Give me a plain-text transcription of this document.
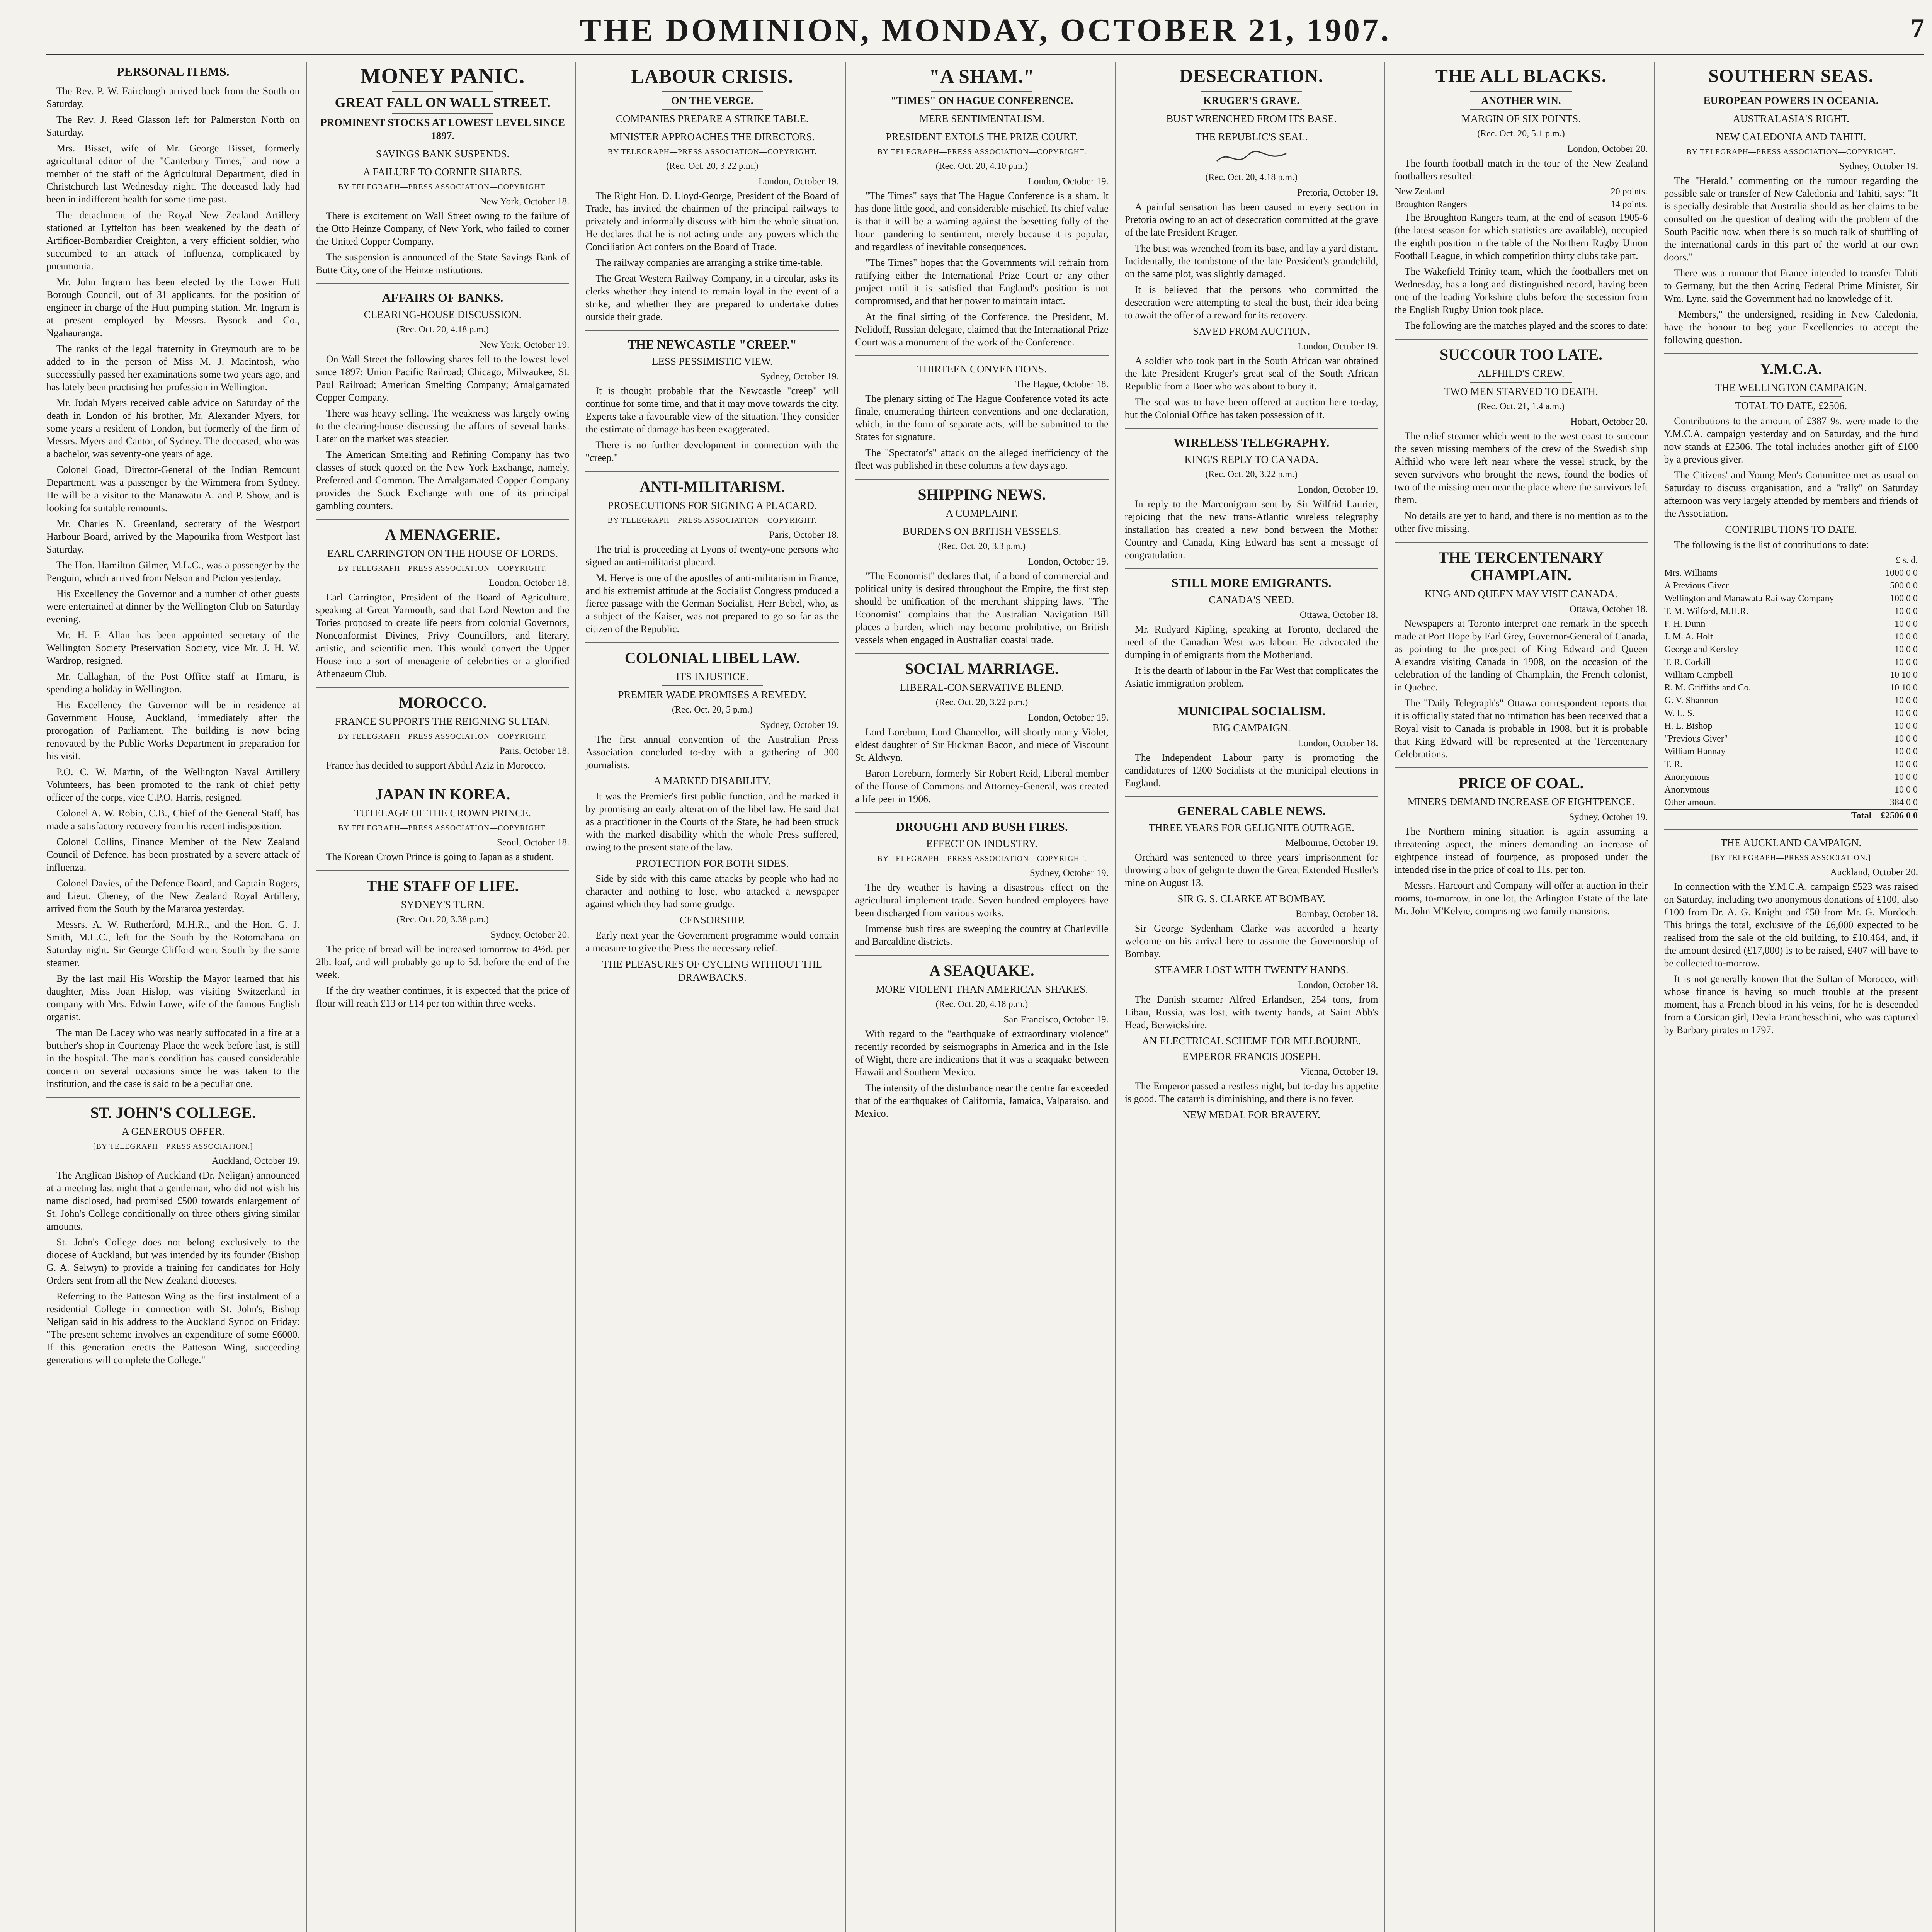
THE DOMINION, MONDAY, OCTOBER 21, 1907.	7
PERSONAL ITEMS.

The Rev. P. W. Fairclough arrived back from the South on Saturday.

The Rev. J. Reed Glasson left for Palmerston North on Saturday.

Mrs. Bisset, wife of Mr. George Bisset, formerly agricultural editor of the "Canterbury Times," and now a member of the staff of the Agricultural Department, died in Christchurch last Wednesday night. The deceased lady had been in indifferent health for some time past.

The detachment of the Royal New Zealand Artillery stationed at Lyttelton has been weakened by the death of Artificer-Bombardier Creighton, a very efficient soldier, who succumbed to an attack of influenza, complicated by pneumonia.

Mr. John Ingram has been elected by the Lower Hutt Borough Council, out of 31 applicants, for the position of engineer in charge of the Hutt pumping station. Mr. Ingram is at present employed by Messrs. Bysock and Co., Ngahauranga.

The ranks of the legal fraternity in Greymouth are to be added to in the person of Miss M. J. Macintosh, who successfully passed her examinations some two years ago, and has lately been practising her profession in Wellington.

Mr. Judah Myers received cable advice on Saturday of the death in London of his brother, Mr. Alexander Myers, for some years a resident of London, but formerly of the firm of Messrs. Myers and Cantor, of Sydney. The deceased, who was a bachelor, was seventy-one years of age.

Colonel Goad, Director-General of the Indian Remount Department, was a passenger by the Wimmera from Sydney. He will be a visitor to the Manawatu A. and P. Show, and is looking for suitable remounts.

Mr. Charles N. Greenland, secretary of the Westport Harbour Board, arrived by the Mapourika from Westport last Saturday.

The Hon. Hamilton Gilmer, M.L.C., was a passenger by the Penguin, which arrived from Nelson and Picton yesterday.

His Excellency the Governor and a number of other guests were entertained at dinner by the Wellington Club on Saturday evening.

Mr. H. F. Allan has been appointed secretary of the Wellington Society Preservation Society, vice Mr. J. H. W. Wardrop, resigned.

Mr. Callaghan, of the Post Office staff at Timaru, is spending a holiday in Wellington.

His Excellency the Governor will be in residence at Government House, Auckland, immediately after the prorogation of Parliament. The building is now being renovated by the Public Works Department in preparation for his visit.

P.O. C. W. Martin, of the Wellington Naval Artillery Volunteers, has been promoted to the rank of chief petty officer of the corps, vice C.P.O. Harris, resigned.

Colonel A. W. Robin, C.B., Chief of the General Staff, has made a satisfactory recovery from his recent indisposition.

Colonel Collins, Finance Member of the New Zealand Council of Defence, has been prostrated by a severe attack of influenza.

Colonel Davies, of the Defence Board, and Captain Rogers, and Lieut. Cheney, of the New Zealand Royal Artillery, arrived from the South by the Mararoa yesterday.

Messrs. A. W. Rutherford, M.H.R., and the Hon. G. J. Smith, M.L.C., left for the South by the Rotomahana on Saturday night. Sir George Clifford went South by the same steamer.

By the last mail His Worship the Mayor learned that his daughter, Miss Joan Hislop, was visiting Switzerland in company with Mrs. Edwin Lowe, wife of the famous English organist.

The man De Lacey who was nearly suffocated in a fire at a butcher's shop in Courtenay Place the week before last, is still in the hospital. The man's condition has caused considerable concern on several occasions since he was taken to the institution, and the case is said to be a peculiar one.

ST. JOHN'S COLLEGE.
A GENEROUS OFFER.
[BY TELEGRAPH—PRESS ASSOCIATION.]
Auckland, October 19.

The Anglican Bishop of Auckland (Dr. Neligan) announced at a meeting last night that a gentleman, who did not wish his name disclosed, had promised £500 towards enlargement of St. John's College conditionally on three others giving similar amounts.

St. John's College does not belong exclusively to the diocese of Auckland, but was intended by its founder (Bishop G. A. Selwyn) to provide a training for candidates for Holy Orders sent from all the New Zealand dioceses.

Referring to the Patteson Wing as the first instalment of a residential College in connection with St. John's, Bishop Neligan said in his address to the Auckland Synod on Friday: "The present scheme involves an expenditure of some £6000. If this generation erects the Patteson Wing, succeeding generations will complete the College."

MONEY PANIC.
GREAT FALL ON WALL STREET.
PROMINENT STOCKS AT LOWEST LEVEL SINCE 1897.
SAVINGS BANK SUSPENDS.
A FAILURE TO CORNER SHARES.
BY TELEGRAPH—PRESS ASSOCIATION—COPYRIGHT.
New York, October 18.

There is excitement on Wall Street owing to the failure of the Otto Heinze Company, of New York, who failed to corner the United Copper Company.

The suspension is announced of the State Savings Bank of Butte City, one of the Heinze institutions.

AFFAIRS OF BANKS.
CLEARING-HOUSE DISCUSSION.
(Rec. Oct. 20, 4.18 p.m.)
New York, October 19.

On Wall Street the following shares fell to the lowest level since 1897: Union Pacific Railroad; Chicago, Milwaukee, St. Paul Railroad; American Smelting Company; Amalgamated Copper Company.

There was heavy selling. The weakness was largely owing to the clearing-house discussing the affairs of several banks. Later on the market was steadier.

The American Smelting and Refining Company has two classes of stock quoted on the New York Exchange, namely, Preferred and Common. The Amalgamated Copper Company provides the Stock Exchange with one of its principal gambling counters.

A MENAGERIE.
EARL CARRINGTON ON THE HOUSE OF LORDS.
BY TELEGRAPH—PRESS ASSOCIATION—COPYRIGHT.
London, October 18.

Earl Carrington, President of the Board of Agriculture, speaking at Great Yarmouth, said that Lord Newton and the Tories proposed to create life peers from colonial Governors, Nonconformist Divines, Privy Councillors, and literary, artistic, and scientific men. This would convert the Upper House into a sort of menagerie of celebrities or a glorified Athenaeum Club.

MOROCCO.
FRANCE SUPPORTS THE REIGNING SULTAN.
BY TELEGRAPH—PRESS ASSOCIATION—COPYRIGHT.
Paris, October 18.

France has decided to support Abdul Aziz in Morocco.

JAPAN IN KOREA.
TUTELAGE OF THE CROWN PRINCE.
BY TELEGRAPH—PRESS ASSOCIATION—COPYRIGHT.
Seoul, October 18.

The Korean Crown Prince is going to Japan as a student.

THE STAFF OF LIFE.
SYDNEY'S TURN.
(Rec. Oct. 20, 3.38 p.m.)
Sydney, October 20.

The price of bread will be increased tomorrow to 4½d. per 2lb. loaf, and will probably go up to 5d. before the end of the week.

If the dry weather continues, it is expected that the price of flour will reach £13 or £14 per ton within three weeks.

LABOUR CRISIS.
ON THE VERGE.
COMPANIES PREPARE A STRIKE TABLE.
MINISTER APPROACHES THE DIRECTORS.
BY TELEGRAPH—PRESS ASSOCIATION—COPYRIGHT.
(Rec. Oct. 20, 3.22 p.m.)
London, October 19.

The Right Hon. D. Lloyd-George, President of the Board of Trade, has invited the chairmen of the principal railways to privately and informally discuss with him the whole situation. He declares that he is not acting under any powers which the Conciliation Act confers on the Board of Trade.

The railway companies are arranging a strike time-table.

The Great Western Railway Company, in a circular, asks its clerks whether they intend to remain loyal in the event of a strike, and whether they are prepared to undertake duties outside their grade.

THE NEWCASTLE "CREEP."
LESS PESSIMISTIC VIEW.
Sydney, October 19.

It is thought probable that the Newcastle "creep" will continue for some time, and that it may move towards the city. Experts take a favourable view of the situation. They consider the estimate of damage has been exaggerated.

There is no further development in connection with the "creep."

ANTI-MILITARISM.
PROSECUTIONS FOR SIGNING A PLACARD.
BY TELEGRAPH—PRESS ASSOCIATION—COPYRIGHT.
Paris, October 18.

The trial is proceeding at Lyons of twenty-one persons who signed an anti-militarist placard.

M. Herve is one of the apostles of anti-militarism in France, and his extremist attitude at the Socialist Congress produced a fierce passage with the German Socialist, Herr Bebel, who, as a subject of the Kaiser, was not prepared to go so far as the citizen of the Republic.

COLONIAL LIBEL LAW.
ITS INJUSTICE.
PREMIER WADE PROMISES A REMEDY.
(Rec. Oct. 20, 5 p.m.)
Sydney, October 19.

The first annual convention of the Australian Press Association concluded to-day with a gathering of 300 journalists.

A MARKED DISABILITY.

It was the Premier's first public function, and he marked it by promising an early alteration of the libel law. He said that as a practitioner in the Courts of the State, he had been struck with the marked disability which the whole Press suffered, owing to the present state of the law.

PROTECTION FOR BOTH SIDES.

Side by side with this came attacks by people who had no character and nothing to lose, who attacked a newspaper against which they had some grudge.

CENSORSHIP.

Early next year the Government programme would contain a measure to give the Press the necessary relief.

THE PLEASURES OF CYCLING WITHOUT THE DRAWBACKS.
"A SHAM."
"TIMES" ON HAGUE CONFERENCE.
MERE SENTIMENTALISM.
PRESIDENT EXTOLS THE PRIZE COURT.
BY TELEGRAPH—PRESS ASSOCIATION—COPYRIGHT.
(Rec. Oct. 20, 4.10 p.m.)
London, October 19.

"The Times" says that The Hague Conference is a sham. It has done little good, and considerable mischief. Its chief value is that it will be a warning against the besetting folly of the hour—pandering to sentiment, merely because it is popular, and regardless of inevitable consequences.

"The Times" hopes that the Governments will refrain from ratifying either the International Prize Court or any other project until it is satisfied that England's position is not compromised, and that her power to maintain intact.

At the final sitting of the Conference, the President, M. Nelidoff, Russian delegate, claimed that the International Prize Court was a monument of the work of the Conference.

THIRTEEN CONVENTIONS.
The Hague, October 18.

The plenary sitting of The Hague Conference voted its acte finale, enumerating thirteen conventions and one declaration, which, in the form of separate acts, will be submitted to the States for signature.

The "Spectator's" attack on the alleged inefficiency of the fleet was published in these columns a few days ago.

SHIPPING NEWS.
A COMPLAINT.
BURDENS ON BRITISH VESSELS.
(Rec. Oct. 20, 3.3 p.m.)
London, October 19.

"The Economist" declares that, if a bond of commercial and political unity is desired throughout the Empire, the first step should be unification of the merchant shipping laws. "The Economist" complains that the Australian Navigation Bill places a burden, which may become prohibitive, on British vessels when engaged in Australian coastal trade.

SOCIAL MARRIAGE.
LIBERAL-CONSERVATIVE BLEND.
(Rec. Oct. 20, 3.22 p.m.)
London, October 19.

Lord Loreburn, Lord Chancellor, will shortly marry Violet, eldest daughter of Sir Hickman Bacon, and niece of Viscount St. Aldwyn.

Baron Loreburn, formerly Sir Robert Reid, Liberal member of the House of Commons and Attorney-General, was created a life peer in 1906.

DROUGHT AND BUSH FIRES.
EFFECT ON INDUSTRY.
BY TELEGRAPH—PRESS ASSOCIATION—COPYRIGHT.
Sydney, October 19.

The dry weather is having a disastrous effect on the agricultural implement trade. Seven hundred employees have been discharged from various works.

Immense bush fires are sweeping the country at Charleville and Barcaldine districts.

A SEAQUAKE.
MORE VIOLENT THAN AMERICAN SHAKES.
(Rec. Oct. 20, 4.18 p.m.)
San Francisco, October 19.

With regard to the "earthquake of extraordinary violence" recently recorded by seismographs in America and in the Isle of Wight, there are indications that it was a seaquake between Hawaii and Southern Mexico.

The intensity of the disturbance near the centre far exceeded that of the earthquakes of California, Jamaica, Valparaiso, and Mexico.

DESECRATION.
KRUGER'S GRAVE.
BUST WRENCHED FROM ITS BASE.
THE REPUBLIC'S SEAL.
(Rec. Oct. 20, 4.18 p.m.)
Pretoria, October 19.

A painful sensation has been caused in every section in Pretoria owing to an act of desecration committed at the grave of the late President Kruger.

The bust was wrenched from its base, and lay a yard distant. Incidentally, the tombstone of the late President's grandchild, on the same plot, was slightly damaged.

It is believed that the persons who committed the desecration were attempting to steal the bust, their idea being to await the offer of a reward for its recovery.

SAVED FROM AUCTION.
London, October 19.

A soldier who took part in the South African war obtained the late President Kruger's great seal of the South African Republic from a Boer who was about to bury it.

The seal was to have been offered at auction here to-day, but the Colonial Office has taken possession of it.

WIRELESS TELEGRAPHY.
KING'S REPLY TO CANADA.
(Rec. Oct. 20, 3.22 p.m.)
London, October 19.

In reply to the Marconigram sent by Sir Wilfrid Laurier, rejoicing that the new trans-Atlantic wireless telegraphy installation has created a new bond between the Mother Country and Canada, King Edward has sent a message of congratulation.

STILL MORE EMIGRANTS.
CANADA'S NEED.
Ottawa, October 18.

Mr. Rudyard Kipling, speaking at Toronto, declared the need of the Canadian West was labour. He advocated the dumping in of emigrants from the Motherland.

It is the dearth of labour in the Far West that complicates the Asiatic immigration problem.

MUNICIPAL SOCIALISM.
BIG CAMPAIGN.
London, October 18.

The Independent Labour party is promoting the candidatures of 1200 Socialists at the municipal elections in England.

GENERAL CABLE NEWS.
THREE YEARS FOR GELIGNITE OUTRAGE.
Melbourne, October 19.

Orchard was sentenced to three years' imprisonment for throwing a box of gelignite down the Great Extended Hustler's mine on August 13.

SIR G. S. CLARKE AT BOMBAY.
Bombay, October 18.

Sir George Sydenham Clarke was accorded a hearty welcome on his arrival here to assume the Governorship of Bombay.

STEAMER LOST WITH TWENTY HANDS.
London, October 18.

The Danish steamer Alfred Erlandsen, 254 tons, from Libau, Russia, was lost, with twenty hands, at Saint Abb's Head, Berwickshire.

AN ELECTRICAL SCHEME FOR MELBOURNE.
EMPEROR FRANCIS JOSEPH.
Vienna, October 19.

The Emperor passed a restless night, but to-day his appetite is good. The catarrh is diminishing, and there is no fever.

NEW MEDAL FOR BRAVERY.
THE ALL BLACKS.
ANOTHER WIN.
MARGIN OF SIX POINTS.
(Rec. Oct. 20, 5.1 p.m.)
London, October 20.

The fourth football match in the tour of the New Zealand footballers resulted:

New Zealand	20 points.
Broughton Rangers	14 points.

The Broughton Rangers team, at the end of season 1905-6 (the latest season for which statistics are available), occupied the eighth position in the table of the Northern Rugby Union Football League, in which competition thirty clubs take part.

The Wakefield Trinity team, which the footballers met on Wednesday, has a long and distinguished record, having been one of the leading Yorkshire clubs before the secession from the English Rugby Union took place.

The following are the matches played and the scores to date:

SUCCOUR TOO LATE.
ALFHILD'S CREW.
TWO MEN STARVED TO DEATH.
(Rec. Oct. 21, 1.4 a.m.)
Hobart, October 20.

The relief steamer which went to the west coast to succour the seven missing members of the crew of the Swedish ship Alfhild who were left near where the vessel struck, by the seven survivors who brought the news, found the bodies of two of the missing men near the place where the survivors left them.

No details are yet to hand, and there is no mention as to the other five missing.

THE TERCENTENARY CHAMPLAIN.
KING AND QUEEN MAY VISIT CANADA.
Ottawa, October 18.

Newspapers at Toronto interpret one remark in the speech made at Port Hope by Earl Grey, Governor-General of Canada, as pointing to the prospect of King Edward and Queen Alexandra visiting Canada in 1908, on the occasion of the celebration of the landing of Champlain, the French colonist, in Quebec.

The "Daily Telegraph's" Ottawa correspondent reports that it is officially stated that no intimation has been received that a Royal visit to Canada is probable in 1908, but it is probable that King Edward will be represented at the Tercentenary Celebrations.

PRICE OF COAL.
MINERS DEMAND INCREASE OF EIGHTPENCE.
Sydney, October 19.

The Northern mining situation is again assuming a threatening aspect, the miners demanding an increase of eightpence instead of fourpence, as proposed under the intended rise in the price of coal to 11s. per ton.

Messrs. Harcourt and Company will offer at auction in their rooms, to-morrow, in one lot, the Arlington Estate of the late Mr. John M'Kelvie, comprising two family mansions.

SOUTHERN SEAS.
EUROPEAN POWERS IN OCEANIA.
AUSTRALASIA'S RIGHT.
NEW CALEDONIA AND TAHITI.
BY TELEGRAPH—PRESS ASSOCIATION—COPYRIGHT.
Sydney, October 19.

The "Herald," commenting on the rumour regarding the possible sale or transfer of New Caledonia and Tahiti, says: "It is specially desirable that Australia should as her claims to be consulted on the question of dealing with the problem of the South Pacific now, when there is so much talk of shuffling of the international cards in this part of the world at our own doors."

There was a rumour that France intended to transfer Tahiti to Germany, but the then Acting Federal Prime Minister, Sir Wm. Lyne, said the Government had no knowledge of it.

"Members," the undersigned, residing in New Caledonia, have the honour to beg your Excellencies to accept the following question.

Y.M.C.A.
THE WELLINGTON CAMPAIGN.
TOTAL TO DATE, £2506.

Contributions to the amount of £387 9s. were made to the Y.M.C.A. campaign yesterday and on Saturday, and the fund now stands at £2506. The total includes another gift of £100 by a previous giver.

The Citizens' and Young Men's Committee met as usual on Saturday to discuss organisation, and a "rally" on Saturday afternoon was very largely attended by members and friends of the Association.

CONTRIBUTIONS TO DATE.

The following is the list of contributions to date:

	£ s. d.
Mrs. Williams	1000 0 0
A Previous Giver	500 0 0
Wellington and Manawatu Railway Company	100 0 0
T. M. Wilford, M.H.R.	10 0 0
F. H. Dunn	10 0 0
J. M. A. Holt	10 0 0
George and Kersley	10 0 0
T. R. Corkill	10 0 0
William Campbell	10 10 0
R. M. Griffiths and Co.	10 10 0
G. V. Shannon	10 0 0
W. L. S.	10 0 0
H. L. Bishop	10 0 0
"Previous Giver"	10 0 0
William Hannay	10 0 0
T. R.	10 0 0
Anonymous	10 0 0
Anonymous	10 0 0
Other amount	384 0 0
Total	£2506 0 0
THE AUCKLAND CAMPAIGN.
[BY TELEGRAPH—PRESS ASSOCIATION.]
Auckland, October 20.

In connection with the Y.M.C.A. campaign £523 was raised on Saturday, including two anonymous donations of £100, also £100 from Dr. A. G. Knight and £50 from Mr. G. Murdoch. This brings the total, exclusive of the £6,000 expected to be realised from the sale of the old building, to £10,464, and, if the amount desired (£17,000) is to be raised, £407 will have to be collected to-morrow.

It is not generally known that the Sultan of Morocco, with whose finance is having so much trouble at the present moment, has a French blood in his veins, for he is descended from a Corsican girl, Devia Franchesschini, who was captured by Barbary pirates in 1797.
